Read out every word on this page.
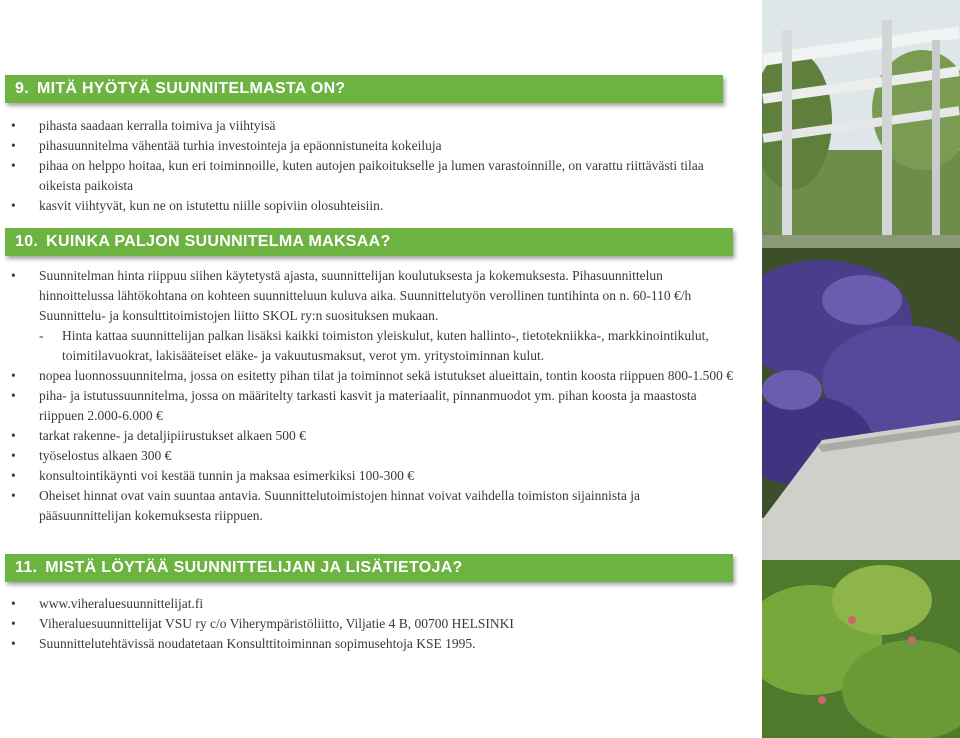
9. MITÄ HYÖTYÄ SUUNNITELMASTA ON?
• pihasta saadaan kerralla toimiva ja viihtyisä
• pihasuunnitelma vähentää turhia investointeja ja epäonnistuneita kokeiluja
• pihaa on helppo hoitaa, kun eri toiminnoille, kuten autojen paikoitukselle ja lumen varastoinnille, on varattu riittävästi tilaa oikeista paikoista
• kasvit viihtyvät, kun ne on istutettu niille sopiviin olosuhteisiin.
10. KUINKA PALJON SUUNNITELMA MAKSAA?
• Suunnitelman hinta riippuu siihen käytetystä ajasta, suunnittelijan koulutuksesta ja kokemuksesta. Pihasuunnittelun hinnoittelussa lähtökohtana on kohteen suunnitteluun kuluva aika. Suunnittelutyön verollinen tuntihinta on n. 60-110 €/h Suunnittelu- ja konsulttitoimistojen liitto SKOL ry:n suosituksen mukaan.
- Hinta kattaa suunnittelijan palkan lisäksi kaikki toimiston yleiskulut, kuten hallinto-, tietotekniikka-, markkinointikulut, toimitilavuokrat, lakisääteiset eläke- ja vakuutusmaksut, verot ym. yritystoiminnan kulut.
• nopea luonnossuunnitelma, jossa on esitetty pihan tilat ja toiminnot sekä istutukset alueittain, tontin koosta riippuen 800-1.500 €
• piha- ja istutussuunnitelma, jossa on määritelty tarkasti kasvit ja materiaalit, pinnanmuodot ym. pihan koosta ja maastosta riippuen 2.000-6.000 €
• tarkat rakenne- ja detaljipiirustukset alkaen 500 €
• työselostus alkaen 300 €
• konsultointikäynti voi kestää tunnin ja maksaa esimerkiksi 100-300 €
• Oheiset hinnat ovat vain suuntaa antavia. Suunnittelutoimistojen hinnat voivat vaihdella toimiston sijainnista ja pääsuunnittelijan kokemuksesta riippuen.
11. MISTÄ LÖYTÄÄ SUUNNITTELIJAN JA LISÄTIETOJA?
• www.viheraluesuunnittelijat.fi
• Viheraluesuunnittelijat VSU ry c/o Viherympäristöliitto, Viljatie 4 B, 00700 HELSINKI
• Suunnittelutehtävissä noudatetaan Konsulttitoiminnan sopimusehtoja KSE 1995.
